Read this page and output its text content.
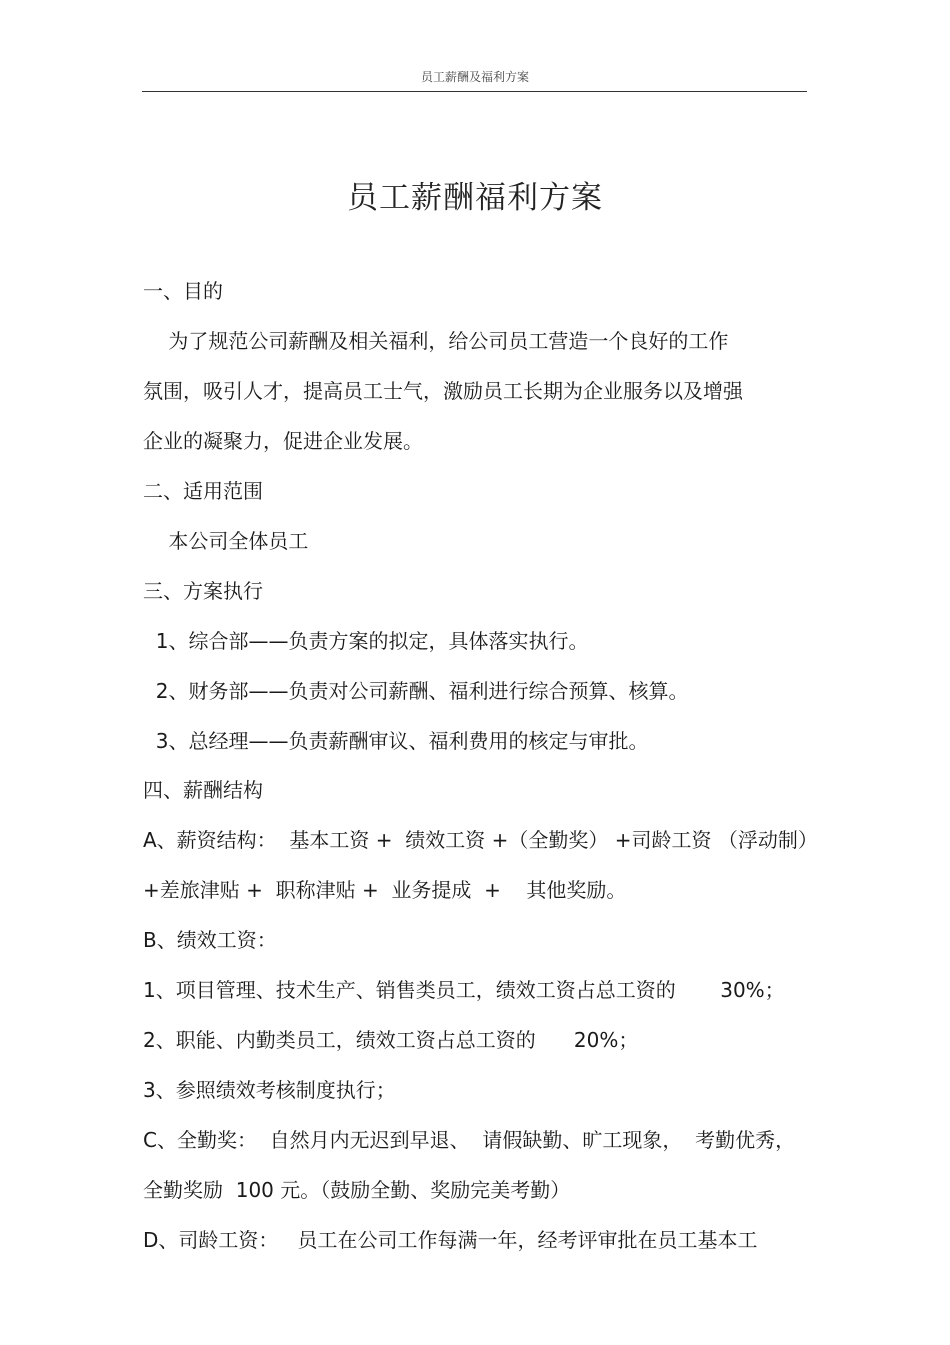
员工薪酬及福利方案
员工薪酬福利方案
一、目的
为了规范公司薪酬及相关福利，给公司员工营造一个良好的工作
氛围，吸引人才，提高员工士气，激励员工长期为企业服务以及增强
企业的凝聚力，促进企业发展。
二、适用范围
本公司全体员工
三、方案执行
1、综合部——负责方案的拟定，具体落实执行。
2、财务部——负责对公司薪酬、福利进行综合预算、核算。
3、总经理——负责薪酬审议、福利费用的核定与审批。
四、薪酬结构
A、薪资结构：  基本工资 +  绩效工资 +（全勤奖） +司龄工资 （浮动制）
+差旅津贴 +  职称津贴 +  业务提成  +    其他奖励。
B、绩效工资：
1、项目管理、技术生产、销售类员工，绩效工资占总工资的       30%；
2、职能、内勤类员工，绩效工资占总工资的      20%；
3、参照绩效考核制度执行；
C、全勤奖：  自然月内无迟到早退、  请假缺勤、旷工现象，  考勤优秀，
全勤奖励  100 元。（鼓励全勤、奖励完美考勤）
D、司龄工资：   员工在公司工作每满一年，经考评审批在员工基本工
